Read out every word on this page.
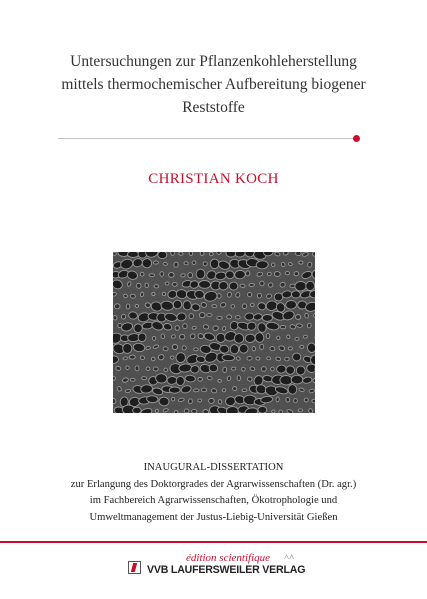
Untersuchungen zur Pflanzenkohleherstellung
mittels thermochemischer Aufbereitung biogener
Reststoffe
CHRISTIAN KOCH
INAUGURAL-DISSERTATION
zur Erlangung des Doktorgrades der Agrarwissenschaften (Dr. agr.)
im Fachbereich Agrarwissenschaften, Ökotrophologie und
Umweltmanagement der Justus-Liebig-Universität Gießen
édition scientifique ˄˄
VVB LAUFERSWEILER VERLAG
